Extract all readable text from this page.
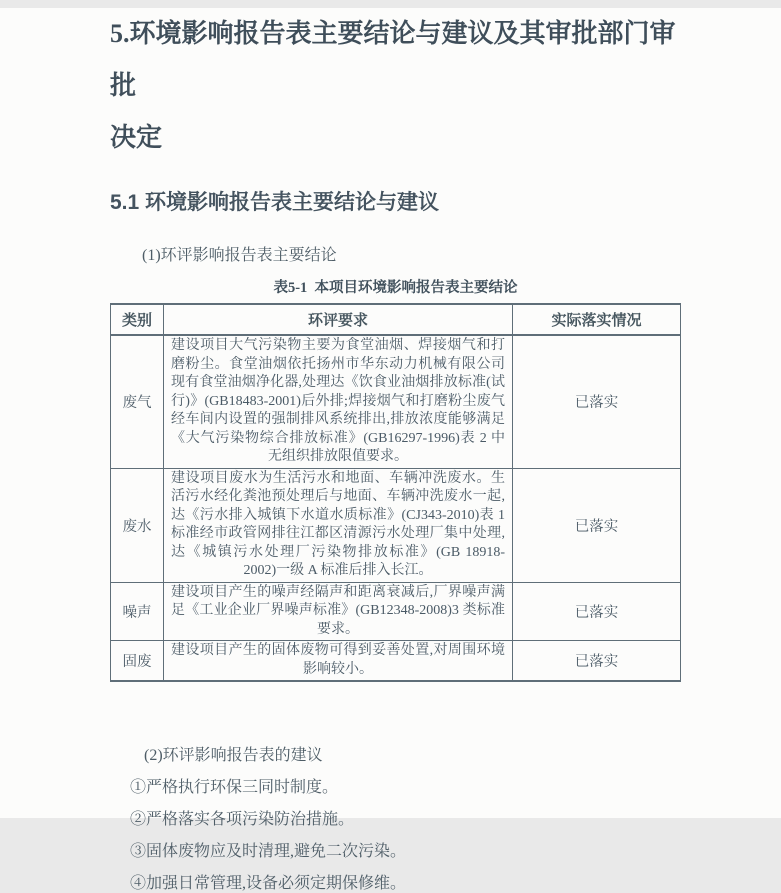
5.环境影响报告表主要结论与建议及其审批部门审批
决定
5.1 环境影响报告表主要结论与建议
(1)环评影响报告表主要结论
表5-1  本项目环境影响报告表主要结论
类别	环评要求	实际落实情况
废气	建设项目大气污染物主要为食堂油烟、焊接烟气和打磨粉尘。食堂油烟依托扬州市华东动力机械有限公司现有食堂油烟净化器,处理达《饮食业油烟排放标准(试行)》(GB18483-2001)后外排;焊接烟气和打磨粉尘废气经车间内设置的强制排风系统排出,排放浓度能够满足《大气污染物综合排放标准》(GB16297-1996)表 2 中无组织排放限值要求。	已落实
废水	建设项目废水为生活污水和地面、车辆冲洗废水。生活污水经化粪池预处理后与地面、车辆冲洗废水一起,达《污水排入城镇下水道水质标准》(CJ343-2010)表 1 标准经市政管网排往江都区清源污水处理厂集中处理,达《城镇污水处理厂污染物排放标准》(GB 18918-2002)一级 A 标准后排入长江。	已落实
噪声	建设项目产生的噪声经隔声和距离衰减后,厂界噪声满足《工业企业厂界噪声标准》(GB12348-2008)3 类标准要求。	已落实
固废	建设项目产生的固体废物可得到妥善处置,对周围环境影响较小。	已落实
(2)环评影响报告表的建议
①严格执行环保三同时制度。
②严格落实各项污染防治措施。
③固体废物应及时清理,避免二次污染。
④加强日常管理,设备必须定期保修维。
